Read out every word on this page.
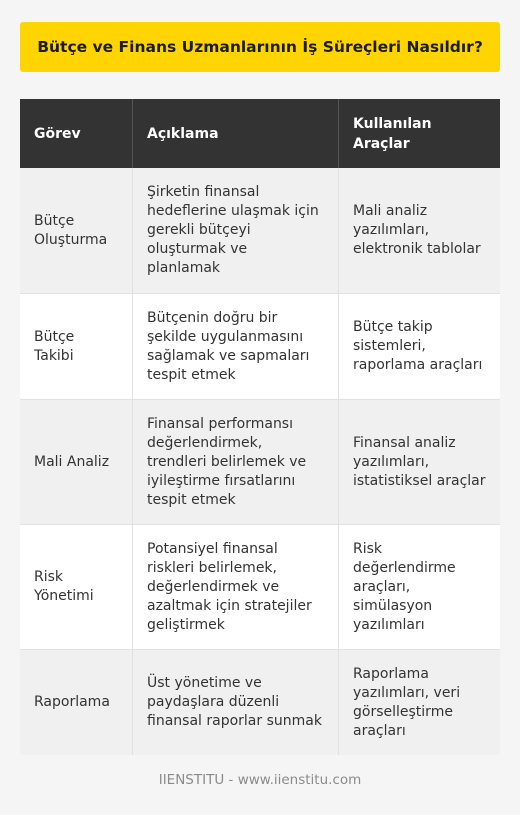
Bütçe ve Finans Uzmanlarının İş Süreçleri Nasıldır?
Görev	Açıklama	Kullanılan Araçlar
Bütçe Oluşturma	Şirketin finansal hedeflerine ulaşmak için gerekli bütçeyi oluşturmak ve planlamak	Mali analiz yazılımları, elektronik tablolar
Bütçe Takibi	Bütçenin doğru bir şekilde uygulanmasını sağlamak ve sapmaları tespit etmek	Bütçe takip sistemleri, raporlama araçları
Mali Analiz	Finansal performansı değerlendirmek, trendleri belirlemek ve iyileştirme fırsatlarını tespit etmek	Finansal analiz yazılımları, istatistiksel araçlar
Risk Yönetimi	Potansiyel finansal riskleri belirlemek, değerlendirmek ve azaltmak için stratejiler geliştirmek	Risk değerlendirme araçları, simülasyon yazılımları
Raporlama	Üst yönetime ve paydaşlara düzenli finansal raporlar sunmak	Raporlama yazılımları, veri görselleştirme araçları
IIENSTITU - www.iienstitu.com
